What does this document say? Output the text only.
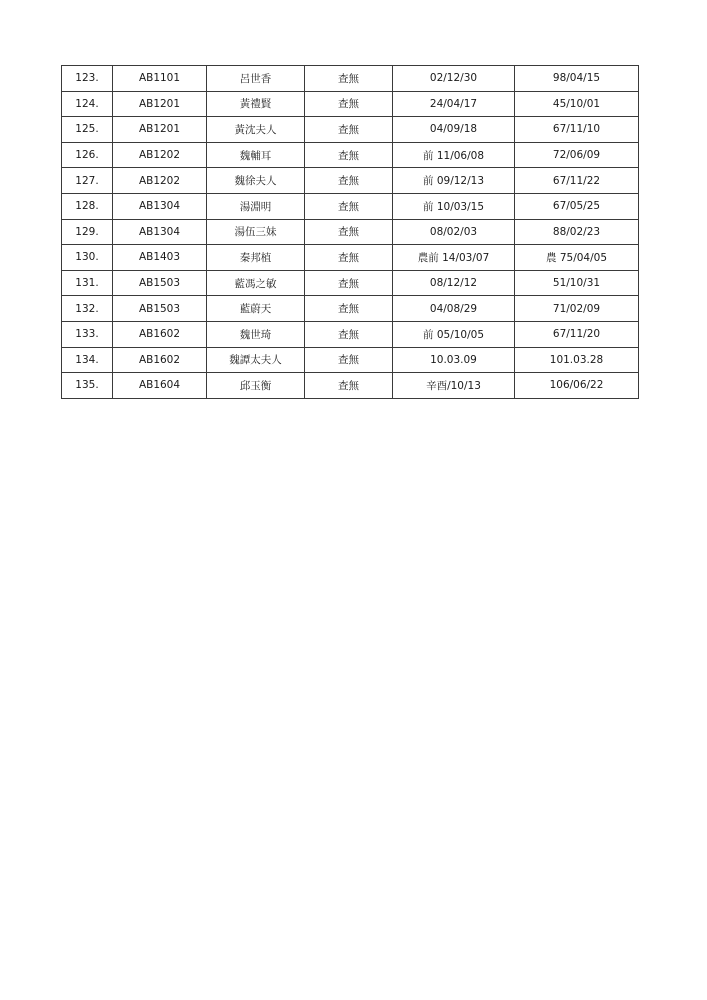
123.	AB1101	呂世香	查無	02/12/30	98/04/15
124.	AB1201	黃禮賢	查無	24/04/17	45/10/01
125.	AB1201	黃沈夫人	查無	04/09/18	67/11/10
126.	AB1202	魏輔耳	查無	前 11/06/08	72/06/09
127.	AB1202	魏徐夫人	查無	前 09/12/13	67/11/22
128.	AB1304	湯淵明	查無	前 10/03/15	67/05/25
129.	AB1304	湯伍三妹	查無	08/02/03	88/02/23
130.	AB1403	秦邦植	查無	農前 14/03/07	農 75/04/05
131.	AB1503	藍馮之敏	查無	08/12/12	51/10/31
132.	AB1503	藍蔚天	查無	04/08/29	71/02/09
133.	AB1602	魏世琦	查無	前 05/10/05	67/11/20
134.	AB1602	魏譚太夫人	查無	10.03.09	101.03.28
135.	AB1604	邱玉衡	查無	辛酉/10/13	106/06/22
